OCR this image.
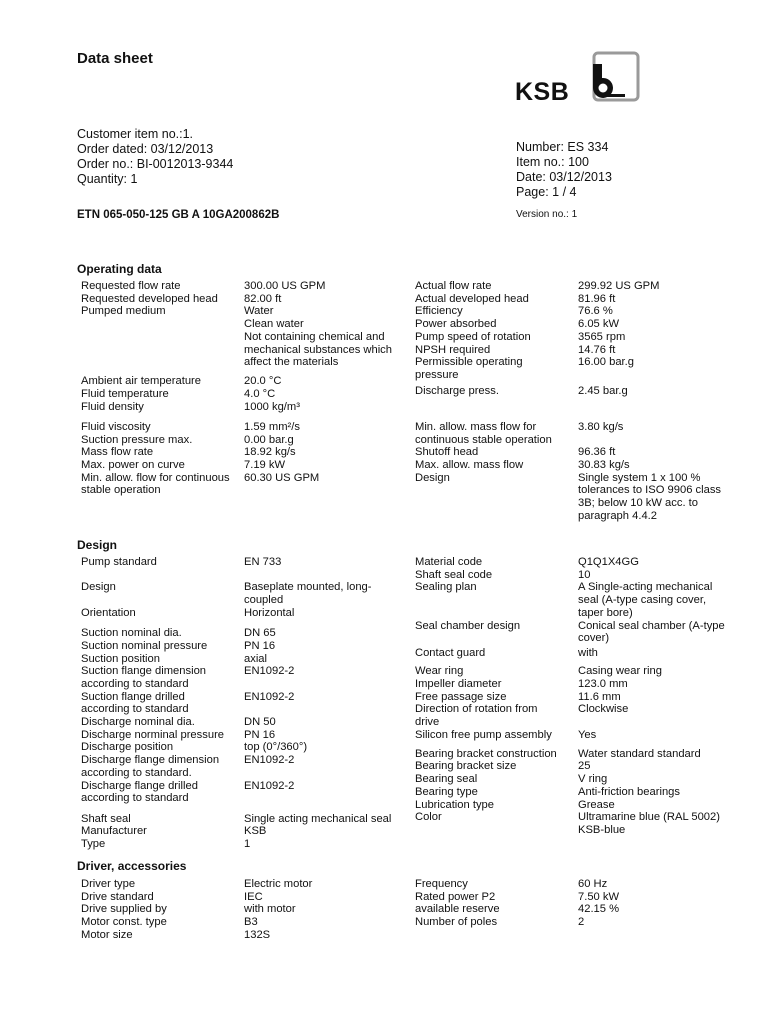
Data sheet
KSB
Customer item no.:1.
Order dated: 03/12/2013
Order no.: BI-0012013-9344
Quantity: 1
Number: ES 334
Item no.: 100
Date: 03/12/2013
Page: 1 / 4
ETN 065-050-125 GB A 10GA200862B	Version no.: 1
Operating data
Design
Driver, accessories
Requested flow rate	300.00 US GPM
Requested developed head 82.00 ft
Pumped medium	Water
Clean water
Not containing chemical and
mechanical substances which
affect the materials
Ambient air temperature	20.0 °C
Fluid temperature	4.0 °C
Fluid density	1000 kg/m³
Fluid viscosity	1.59 mm²/s
Suction pressure max.	0.00 bar.g
Mass flow rate	18.92 kg/s
Max. power on curve	7.19 kW
Min. allow. flow for continuous 60.30 US GPM
stable operation
Actual flow rate	299.92 US GPM
Actual developed head	81.96 ft
Efficiency	76.6 %
Power absorbed	6.05 kW
Pump speed of rotation	3565 rpm
NPSH required	14.76 ft
Permissible operating	16.00 bar.g
pressure
Discharge press.	2.45 bar.g
Min. allow. mass flow for	3.80 kg/s
continuous stable operation
Shutoff head	96.36 ft
Max. allow. mass flow	30.83 kg/s
Design	Single system 1 x 100 %
tolerances to ISO 9906 class
3B; below 10 kW acc. to
paragraph 4.4.2
Pump standard	EN 733
Design	Baseplate mounted, long-
coupled
Orientation	Horizontal
Suction nominal dia.	DN 65
Suction nominal pressure	PN 16
Suction position	axial
Suction flange dimension	EN1092-2
according to standard
Suction flange drilled	EN1092-2
according to standard
Discharge nominal dia.	DN 50
Discharge norminal pressure PN 16
Discharge position	top (0°/360°)
Discharge flange dimension EN1092-2
according to standard.
Discharge flange drilled	EN1092-2
according to standard
Shaft seal	Single acting mechanical seal
Manufacturer	KSB
Type	1
Material code	Q1Q1X4GG
Shaft seal code	10
Sealing plan	A Single-acting mechanical
seal (A-type casing cover,
taper bore)
Seal chamber design	Conical seal chamber (A-type
cover)
Contact guard	with
Wear ring	Casing wear ring
Impeller diameter	123.0 mm
Free passage size	11.6 mm
Direction of rotation from	Clockwise
drive
Silicon free pump assembly Yes
Bearing bracket construction Water standard standard
Bearing bracket size	25
Bearing seal	V ring
Bearing type	Anti-friction bearings
Lubrication type	Grease
Color	Ultramarine blue (RAL 5002)
KSB-blue
Driver type	Electric motor
Drive standard	IEC
Drive supplied by	with motor
Motor const. type	B3
Motor size	132S
Frequency	60 Hz
Rated power P2	7.50 kW
available reserve	42.15 %
Number of poles	2
